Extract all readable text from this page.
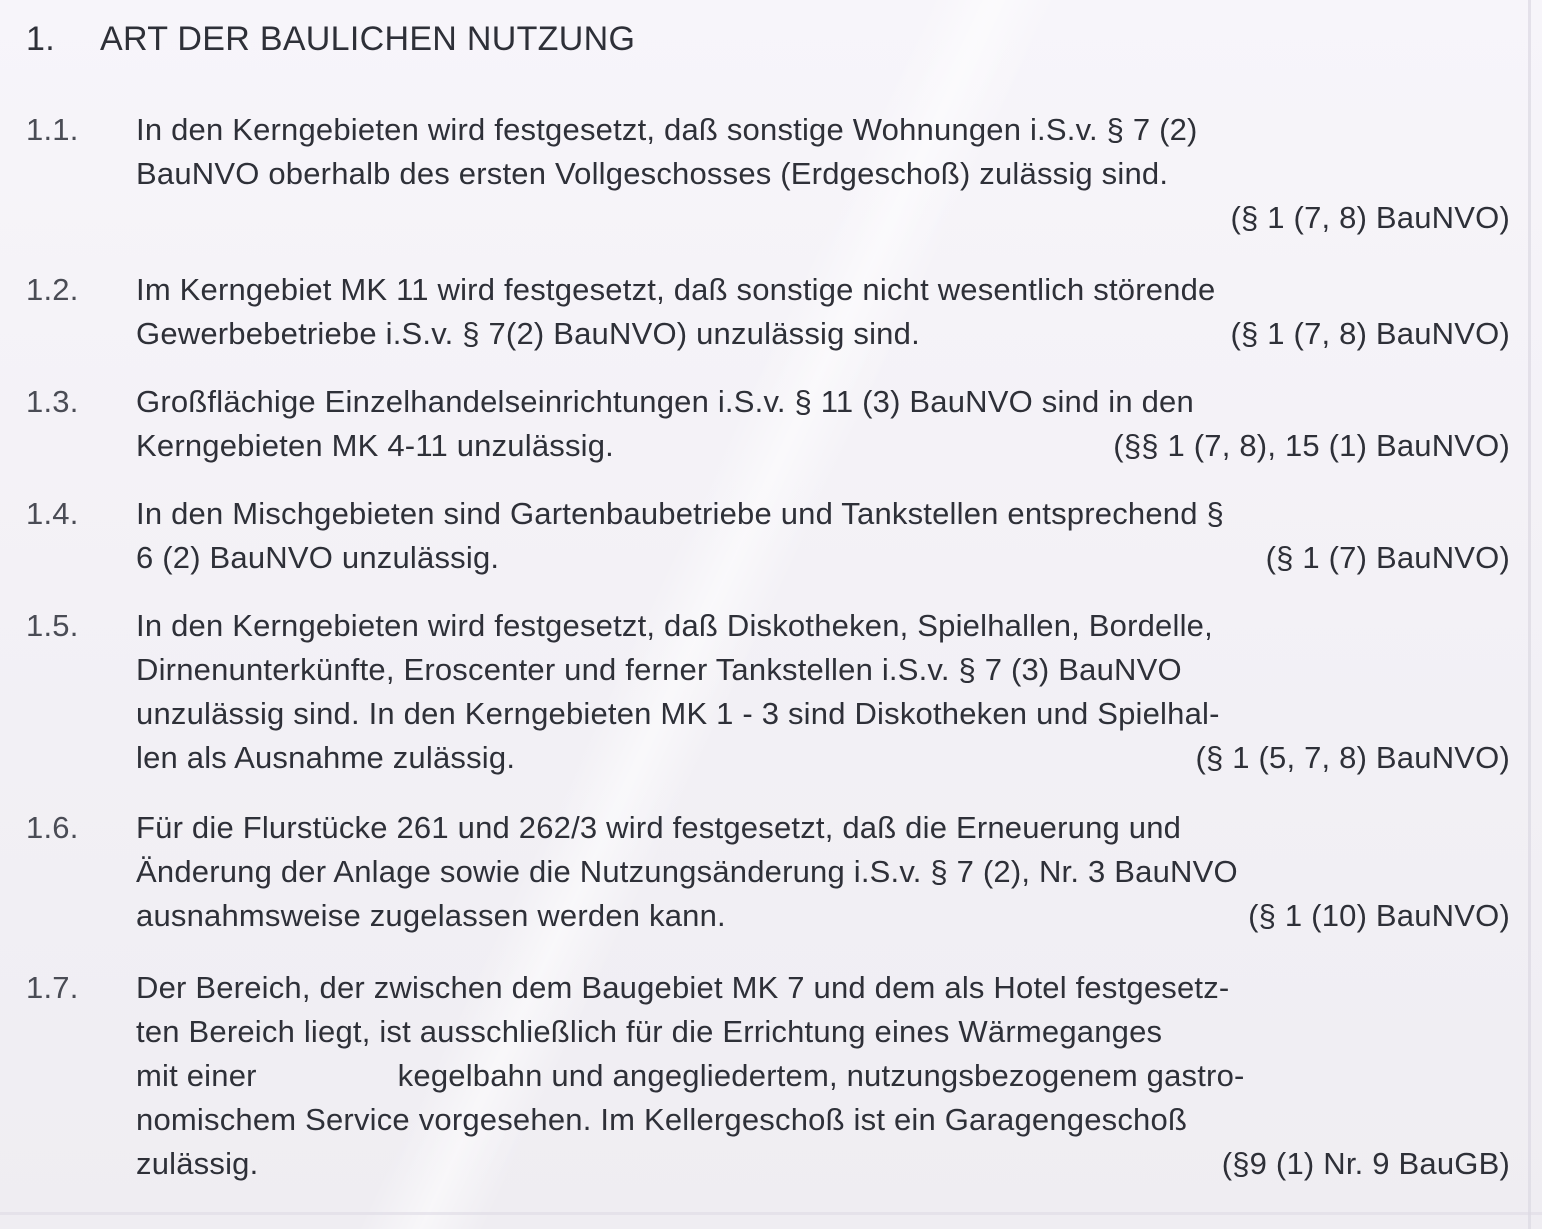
1. ART DER BAULICHEN NUTZUNG
1.1.	In den Kerngebieten wird festgesetzt, daß sonstige Wohnungen i.S.v. § 7 (2)
BauNVO oberhalb des ersten Vollgeschosses (Erdgeschoß) zulässig sind.
(§ 1 (7, 8) BauNVO)
1.2.	Im Kerngebiet MK 11 wird festgesetzt, daß sonstige nicht wesentlich störende
Gewerbebetriebe i.S.v. § 7(2) BauNVO) unzulässig sind.	(§ 1 (7, 8) BauNVO)
1.3.	Großflächige Einzelhandelseinrichtungen i.S.v. § 11 (3) BauNVO sind in den
Kerngebieten MK 4-11 unzulässig.	(§§ 1 (7, 8), 15 (1) BauNVO)
1.4.	In den Mischgebieten sind Gartenbaubetriebe und Tankstellen entsprechend §
6 (2) BauNVO unzulässig.	(§ 1 (7) BauNVO)
1.5.	In den Kerngebieten wird festgesetzt, daß Diskotheken, Spielhallen, Bordelle,
Dirnenunterkünfte, Eroscenter und ferner Tankstellen i.S.v. § 7 (3) BauNVO
unzulässig sind. In den Kerngebieten MK 1 - 3 sind Diskotheken und Spielhal-
len als Ausnahme zulässig.	(§ 1 (5, 7, 8) BauNVO)
1.6.	Für die Flurstücke 261 und 262/3 wird festgesetzt, daß die Erneuerung und
Änderung der Anlage sowie die Nutzungsänderung i.S.v. § 7 (2), Nr. 3 BauNVO
ausnahmsweise zugelassen werden kann.	(§ 1 (10) BauNVO)
1.7.	Der Bereich, der zwischen dem Baugebiet MK 7 und dem als Hotel festgesetz-
ten Bereich liegt, ist ausschließlich für die Errichtung eines Wärmeganges
mit einer                kegelbahn und angegliedertem, nutzungsbezogenem gastro-
nomischem Service vorgesehen. Im Kellergeschoß ist ein Garagengeschoß
zulässig.	(§9 (1) Nr. 9 BauGB)
